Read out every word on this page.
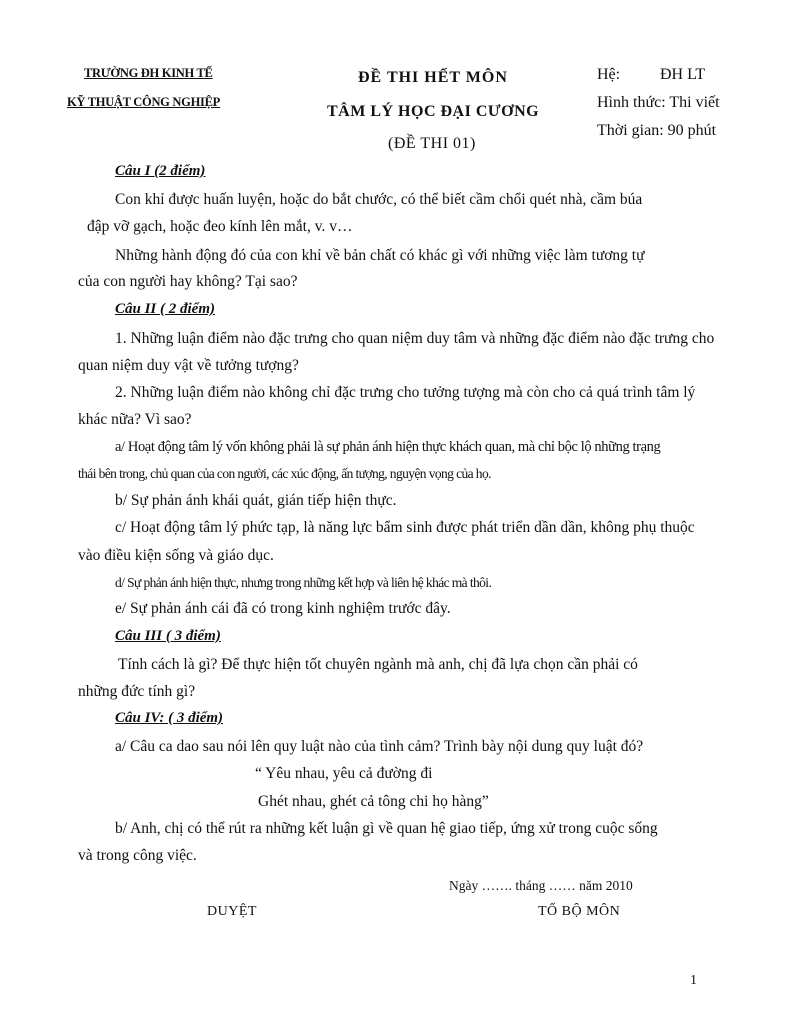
TRƯỜNG ĐH KINH TẾ
KỸ THUẬT CÔNG NGHIỆP
ĐỀ THI HẾT MÔN
TÂM LÝ HỌC ĐẠI CƯƠNG
(ĐỀ THI 01)
Hệ: ĐH LT
Hình thức: Thi viết
Thời gian: 90 phút
Câu I (2 điểm)
Con khỉ được huấn luyện, hoặc do bắt chước, có thể biết cầm chổi quét nhà, cầm búa
đập vỡ gạch, hoặc đeo kính lên mắt, v. v…
Những hành động đó của con khỉ về bản chất có khác gì với những việc làm tương tự
của con người hay không? Tại sao?
Câu II ( 2 điểm)
1. Những luận điểm nào đặc trưng cho quan niệm duy tâm và những đặc điểm nào đặc trưng cho
quan niệm duy vật về tưởng tượng?
2. Những luận điểm nào không chỉ đặc trưng cho tưởng tượng mà còn cho cả quá trình tâm lý
khác nữa? Vì sao?
a/ Hoạt động tâm lý vốn không phải là sự phản ánh hiện thực khách quan, mà chỉ bộc lộ những trạng
thái bên trong, chủ quan của con người, các xúc động, ấn tượng, nguyện vọng của họ.
b/ Sự phản ánh khái quát, gián tiếp hiện thực.
c/ Hoạt động tâm lý phức tạp, là năng lực bẩm sinh được phát triển dần dần, không phụ thuộc
vào điều kiện sống và giáo dục.
d/ Sự phản ánh hiện thực, nhưng trong những kết hợp và liên hệ khác mà thôi.
e/ Sự phản ánh cái đã có trong kinh nghiệm trước đây.
Câu III ( 3 điểm)
Tính cách là gì? Để thực hiện tốt chuyên ngành mà anh, chị đã lựa chọn cần phải có
những đức tính gì?
Câu IV: ( 3 điểm)
a/ Câu ca dao sau nói lên quy luật nào của tình cảm? Trình bày nội dung quy luật đó?
“ Yêu nhau, yêu cả đường đi
Ghét nhau, ghét cả tông chi họ hàng”
b/ Anh, chị có thể rút ra những kết luận gì về quan hệ giao tiếp, ứng xử trong cuộc sống
và trong công việc.
Ngày ……. tháng …… năm 2010
DUYỆT	TỔ BỘ MÔN
1
